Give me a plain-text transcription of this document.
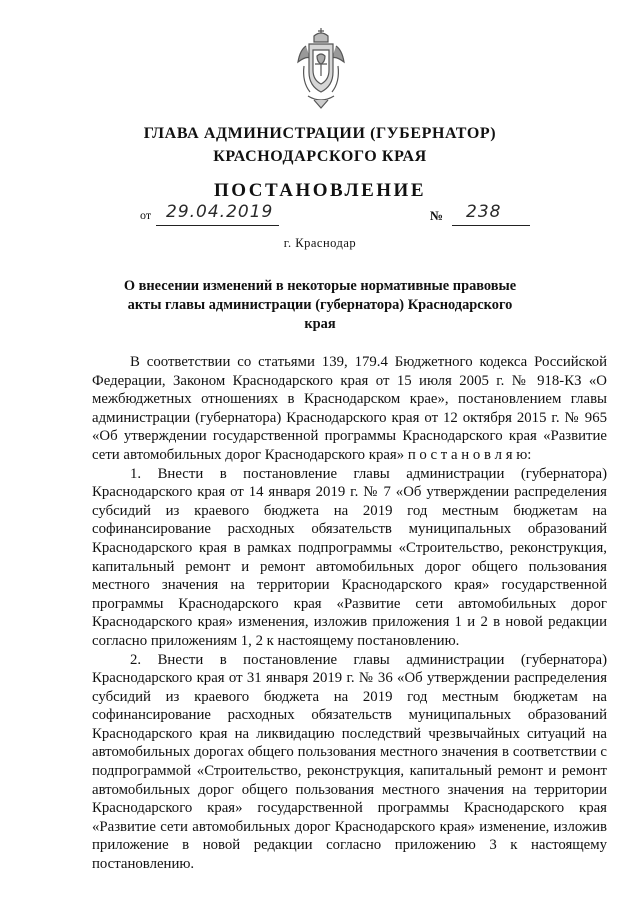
ГЛАВА АДМИНИСТРАЦИИ (ГУБЕРНАТОР)
КРАСНОДАРСКОГО КРАЯ
ПОСТАНОВЛЕНИЕ
от 29.04.2019	№ 238
г. Краснодар
О внесении изменений в некоторые нормативные правовые акты главы администрации (губернатора) Краснодарского края

В соответствии со статьями 139, 179.4 Бюджетного кодекса Российской Федерации, Законом Краснодарского края от 15 июля 2005 г. № 918-КЗ «О межбюджетных отношениях в Краснодарском крае», постановлением главы администрации (губернатора) Краснодарского края от 12 октября 2015 г. № 965 «Об утверждении государственной программы Краснодарского края «Развитие сети автомобильных дорог Краснодарского края» п о с т а н о в л я ю:

1. Внести в постановление главы администрации (губернатора) Краснодарского края от 14 января 2019 г. № 7 «Об утверждении распределения субсидий из краевого бюджета на 2019 год местным бюджетам на софинансирование расходных обязательств муниципальных образований Краснодарского края в рамках подпрограммы «Строительство, реконструкция, капитальный ремонт и ремонт автомобильных дорог общего пользования местного значения на территории Краснодарского края» государственной программы Краснодарского края «Развитие сети автомобильных дорог Краснодарского края» изменения, изложив приложения 1 и 2 в новой редакции согласно приложениям 1, 2 к настоящему постановлению.

2. Внести в постановление главы администрации (губернатора) Краснодарского края от 31 января 2019 г. № 36 «Об утверждении распределения субсидий из краевого бюджета на 2019 год местным бюджетам на софинансирование расходных обязательств муниципальных образований Краснодарского края на ликвидацию последствий чрезвычайных ситуаций на автомобильных дорогах общего пользования местного значения в соответствии с подпрограммой «Строительство, реконструкция, капитальный ремонт и ремонт автомобильных дорог общего пользования местного значения на территории Краснодарского края» государственной программы Краснодарского края «Развитие сети автомобильных дорог Краснодарского края» изменение, изложив приложение в новой редакции согласно приложению 3 к настоящему постановлению.
